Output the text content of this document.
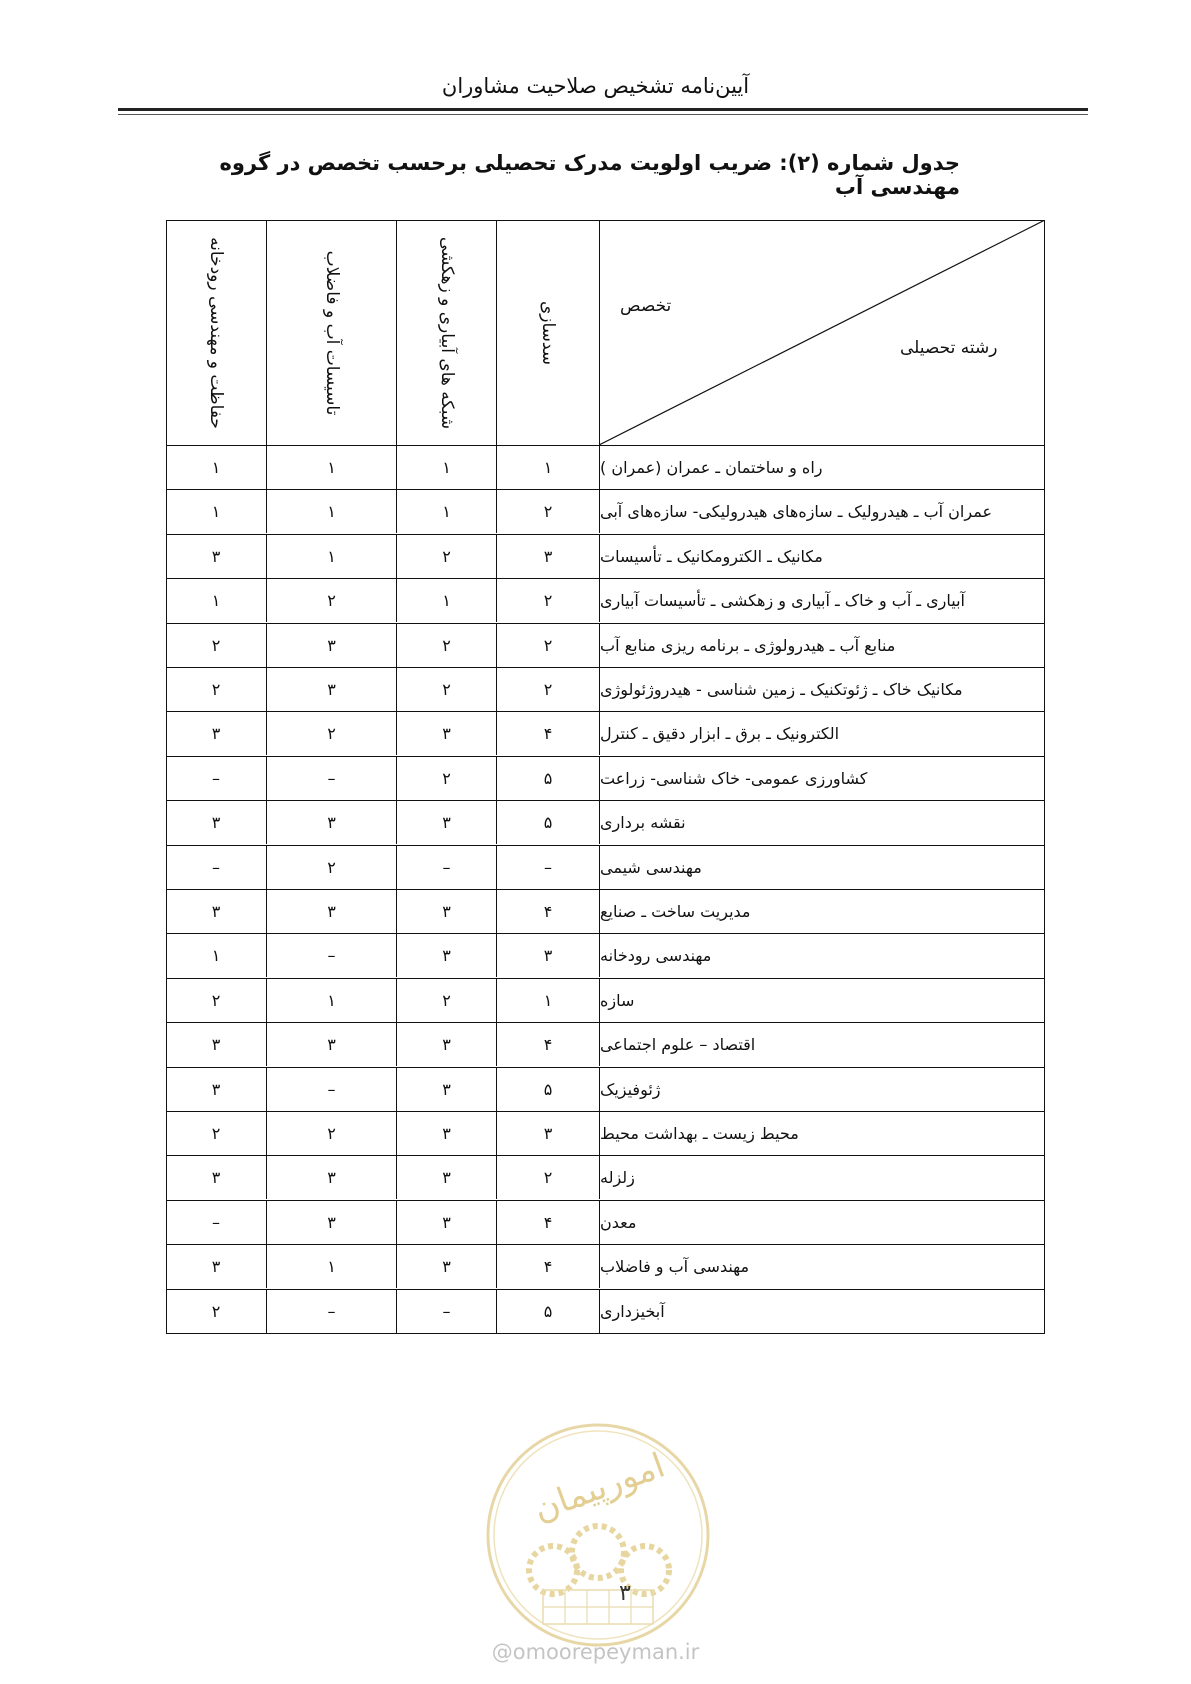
آیین‌نامه تشخیص صلاحیت مشاوران
جدول شماره (۲): ضریب اولویت مدرک تحصیلی برحسب تخصص در گروه مهندسی آب
حفاظت و مهندسی رودخانه	تاسیسات آب و فاضلاب	شبکه های آبیاری و زهکشی	سدسازی	تخصص
رشته تحصیلی
۱	۱	۱	۱	راه و ساختمان ـ عمران (عمران )
۱	۱	۱	۲	عمران آب ـ هیدرولیک ـ سازه‌های هیدرولیکی- سازه‌های آبی
۳	۱	۲	۳	مکانیک ـ الکترومکانیک ـ تأسیسات
۱	۲	۱	۲	آبیاری ـ آب و خاک ـ آبیاری و زهکشی ـ تأسیسات آبیاری
۲	۳	۲	۲	منابع آب ـ هیدرولوژی ـ برنامه ریزی منابع آب
۲	۳	۲	۲	مکانیک خاک ـ ژئوتکنیک ـ زمین شناسی - هیدروژئولوژی
۳	۲	۳	۴	الکترونیک ـ برق ـ ابزار دقیق ـ کنترل
–	–	۲	۵	کشاورزی عمومی- خاک شناسی- زراعت
۳	۳	۳	۵	نقشه برداری
–	۲	–	–	مهندسی شیمی
۳	۳	۳	۴	مدیریت ساخت ـ صنایع
۱	–	۳	۳	مهندسی رودخانه
۲	۱	۲	۱	سازه
۳	۳	۳	۴	اقتصاد – علوم اجتماعی
۳	–	۳	۵	ژئوفیزیک
۲	۲	۳	۳	محیط زیست ـ بهداشت محیط
۳	۳	۳	۲	زلزله
–	۳	۳	۴	معدن
۳	۱	۳	۴	مهندسی آب و فاضلاب
۲	–	–	۵	آبخیزداری
امورپیمان
۳
@omoorepeyman.ir
